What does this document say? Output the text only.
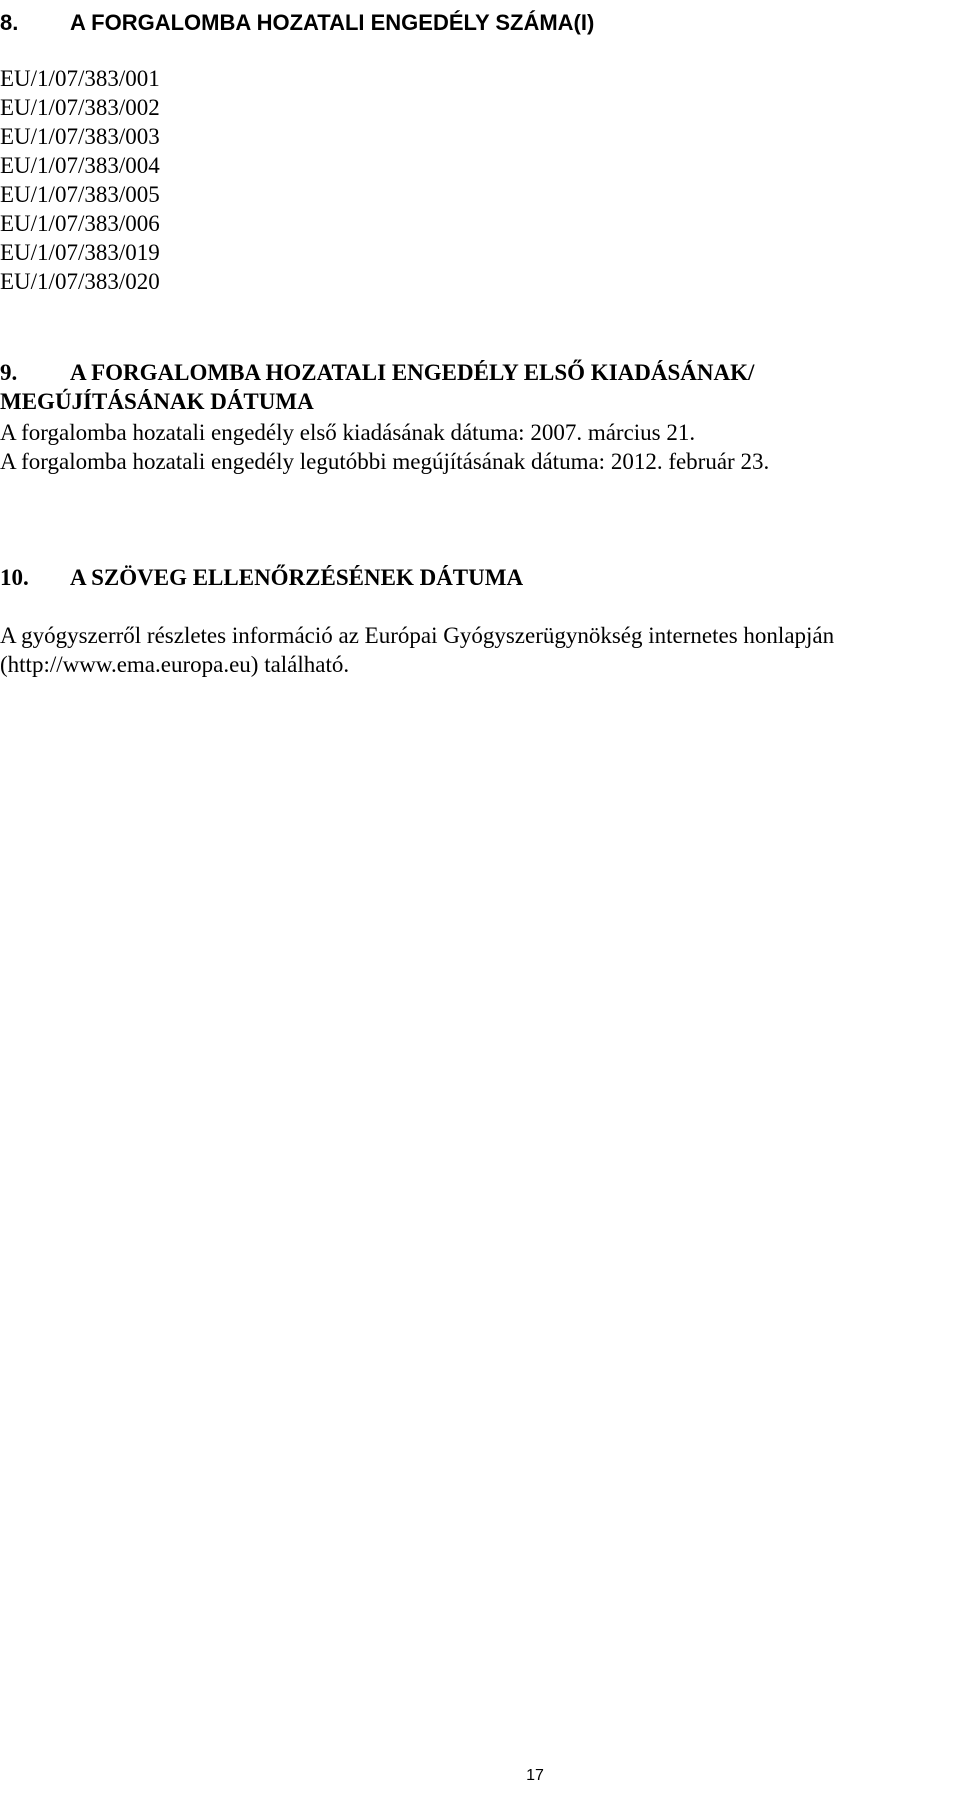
8. A FORGALOMBA HOZATALI ENGEDÉLY SZÁMA(I)
EU/1/07/383/001
EU/1/07/383/002
EU/1/07/383/003
EU/1/07/383/004
EU/1/07/383/005
EU/1/07/383/006
EU/1/07/383/019
EU/1/07/383/020
9. A FORGALOMBA HOZATALI ENGEDÉLY ELSŐ KIADÁSÁNAK/
MEGÚJÍTÁSÁNAK DÁTUMA
A forgalomba hozatali engedély első kiadásának dátuma: 2007. március 21.
A forgalomba hozatali engedély legutóbbi megújításának dátuma: 2012. február 23.
10. A SZÖVEG ELLENŐRZÉSÉNEK DÁTUMA
A gyógyszerről részletes információ az Európai Gyógyszerügynökség internetes honlapján
(http://www.ema.europa.eu) található.
17
